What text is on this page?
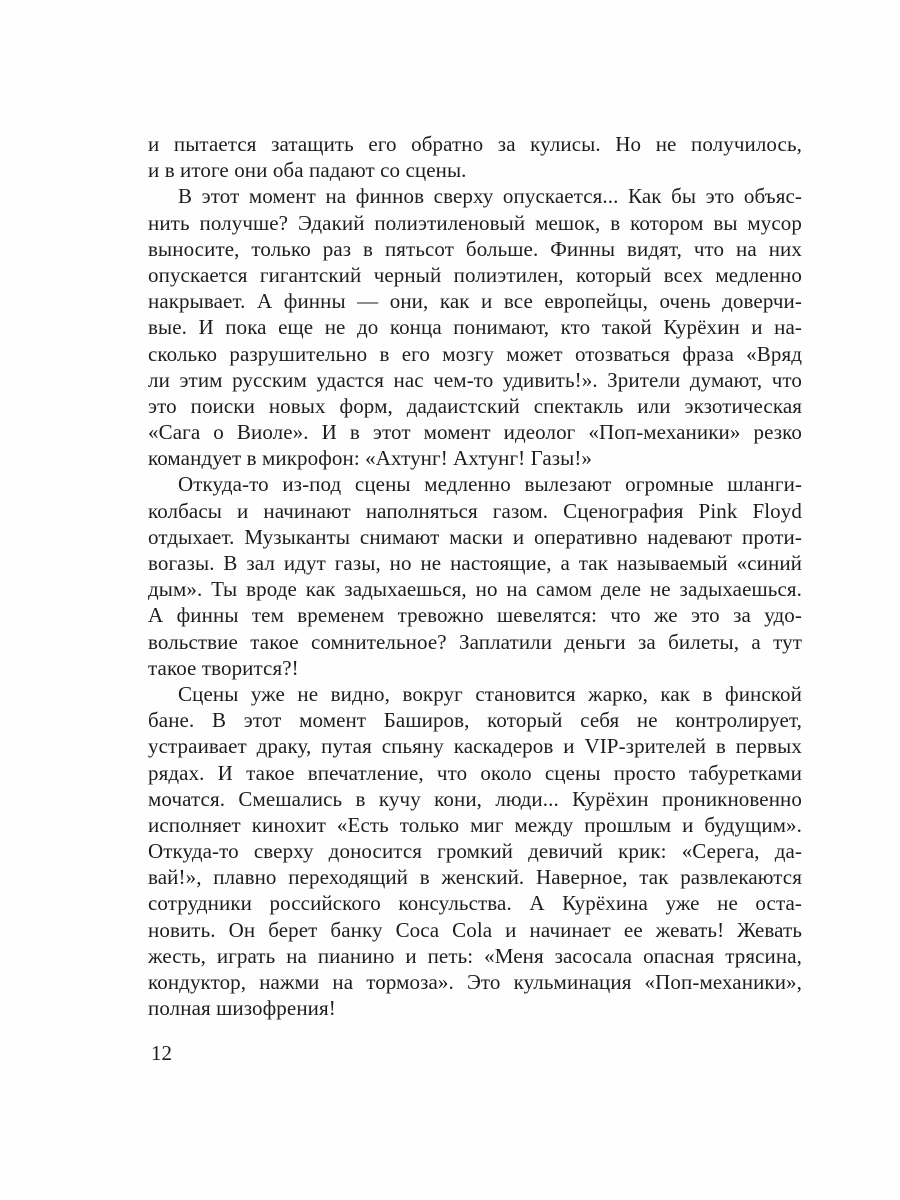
и пытается затащить его обратно за кулисы. Но не получилось,
и в итоге они оба падают со сцены.
В этот момент на финнов сверху опускается... Как бы это объяс-
нить получше? Эдакий полиэтиленовый мешок, в котором вы мусор
выносите, только раз в пятьсот больше. Финны видят, что на них
опускается гигантский черный полиэтилен, который всех медленно
накрывает. А финны — они, как и все европейцы, очень доверчи-
вые. И пока еще не до конца понимают, кто такой Курёхин и на-
сколько разрушительно в его мозгу может отозваться фраза «Вряд
ли этим русским удастся нас чем-то удивить!». Зрители думают, что
это поиски новых форм, дадаистский спектакль или экзотическая
«Сага о Виоле». И в этот момент идеолог «Поп-механики» резко
командует в микрофон: «Ахтунг! Ахтунг! Газы!»
Откуда-то из-под сцены медленно вылезают огромные шланги-
колбасы и начинают наполняться газом. Сценография Pink Floyd
отдыхает. Музыканты снимают маски и оперативно надевают проти-
вогазы. В зал идут газы, но не настоящие, а так называемый «синий
дым». Ты вроде как задыхаешься, но на самом деле не задыхаешься.
А финны тем временем тревожно шевелятся: что же это за удо-
вольствие такое сомнительное? Заплатили деньги за билеты, а тут
такое творится?!
Сцены уже не видно, вокруг становится жарко, как в финской
бане. В этот момент Баширов, который себя не контролирует,
устраивает драку, путая спьяну каскадеров и VIP-зрителей в первых
рядах. И такое впечатление, что около сцены просто табуретками
мочатся. Смешались в кучу кони, люди... Курёхин проникновенно
исполняет кинохит «Есть только миг между прошлым и будущим».
Откуда-то сверху доносится громкий девичий крик: «Серега, да-
вай!», плавно переходящий в женский. Наверное, так развлекаются
сотрудники российского консульства. А Курёхина уже не оста-
новить. Он берет банку Coca Cola и начинает ее жевать! Жевать
жесть, играть на пианино и петь: «Меня засосала опасная трясина,
кондуктор, нажми на тормоза». Это кульминация «Поп-механики»,
полная шизофрения!
12
